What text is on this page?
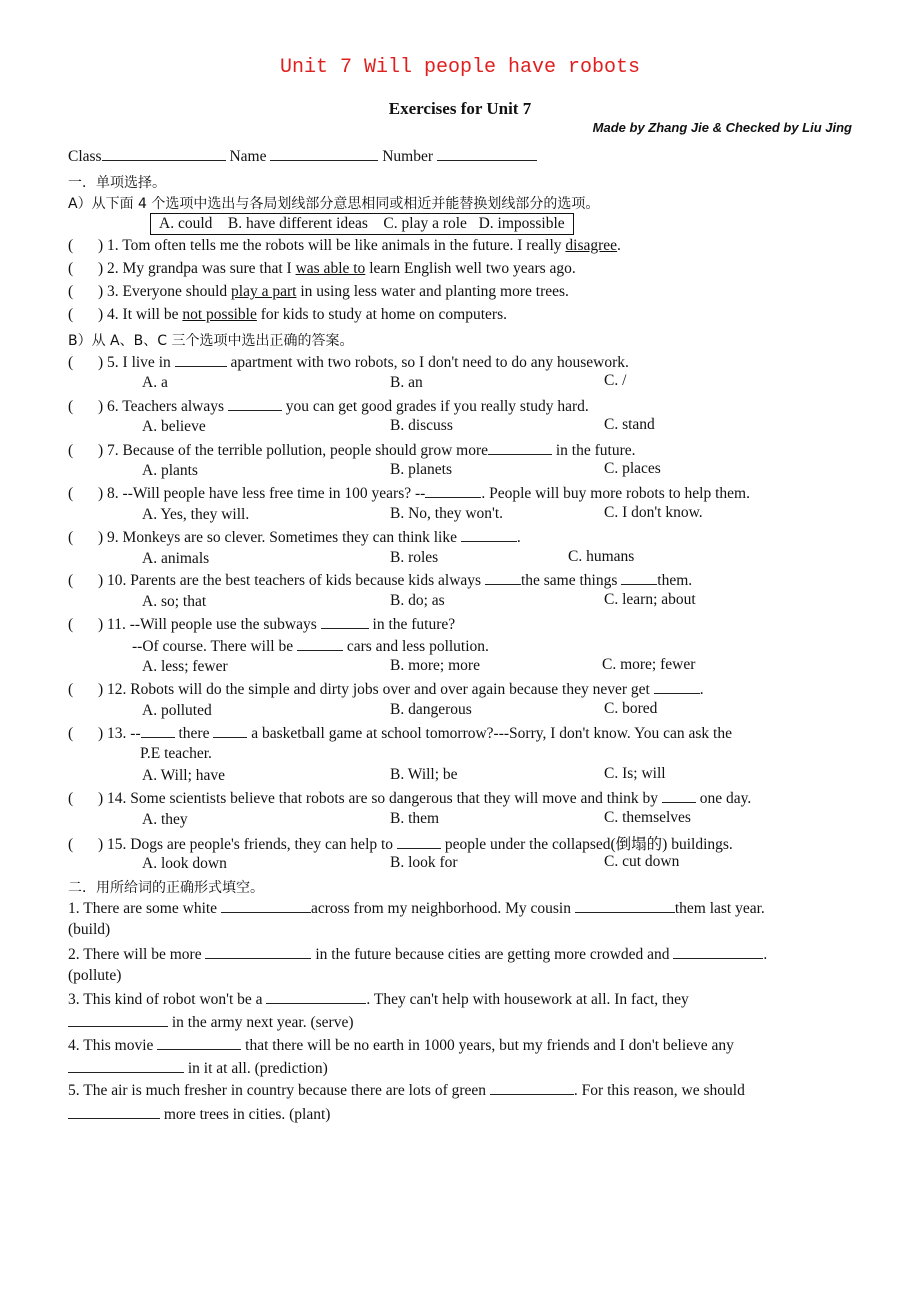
Unit 7 Will people have robots
Exercises for Unit 7
Made by Zhang Jie & Checked by Liu Jing
Class	Name	Number
一．单项选择。
A）从下面 4 个选项中选出与各局划线部分意思相同或相近并能替换划线部分的选项。
A. could B. have different ideas C. play a role D. impossible
( ) 1. Tom often tells me the robots will be like animals in the future. I really disagree.
( ) 2. My grandpa was sure that I was able to learn English well two years ago.
( ) 3. Everyone should play a part in using less water and planting more trees.
( ) 4. It will be not possible for kids to study at home on computers.
B）从 A、B、C 三个选项中选出正确的答案。
( ) 5. I live in	apartment with two robots, so I don't need to do any housework.
A. a	B. an	C. /
( ) 6. Teachers always	you can get good grades if you really study hard.
A. believe	B. discuss	C. stand
( ) 7. Because of the terrible pollution, people should grow more	in the future.
A. plants	B. planets	C. places
( ) 8. --Will people have less free time in 100 years? --	. People will buy more robots to help them.
A. Yes, they will.	B. No, they won't.	C. I don't know.
( ) 9. Monkeys are so clever. Sometimes they can think like	.
A. animals	B. roles	C. humans
( ) 10. Parents are the best teachers of kids because kids always the same things them.
A. so; that	B. do; as	C. learn; about
( ) 11. --Will people use the subways	in the future?
--Of course. There will be	cars and less pollution.
A. less; fewer	B. more; more	C. more; fewer
( ) 12. Robots will do the simple and dirty jobs over and over again because they never get	.
A. polluted	B. dangerous	C. bored
( ) 13. -- there  a basketball game at school tomorrow?---Sorry, I don't know. You can ask the
P.E teacher.
A. Will; have	B. Will; be	C. Is; will
( ) 14. Some scientists believe that robots are so dangerous that they will move and think by  one day.
A. they	B. them	C. themselves
( ) 15. Dogs are people's friends, they can help to	people under the collapsed(倒塌的) buildings.
A. look down	B. look for	C. cut down
二．用所给词的正确形式填空。
1. There are some white	across from my neighborhood. My cousin	them last year.
(build)
2. There will be more	in the future because cities are getting more crowded and	.
(pollute)
3. This kind of robot won't be a	. They can't help with housework at all. In fact, they
in the army next year. (serve)
4. This movie	that there will be no earth in 1000 years, but my friends and I don't believe any
in it at all. (prediction)
5. The air is much fresher in country because there are lots of green	. For this reason, we should
more trees in cities. (plant)
